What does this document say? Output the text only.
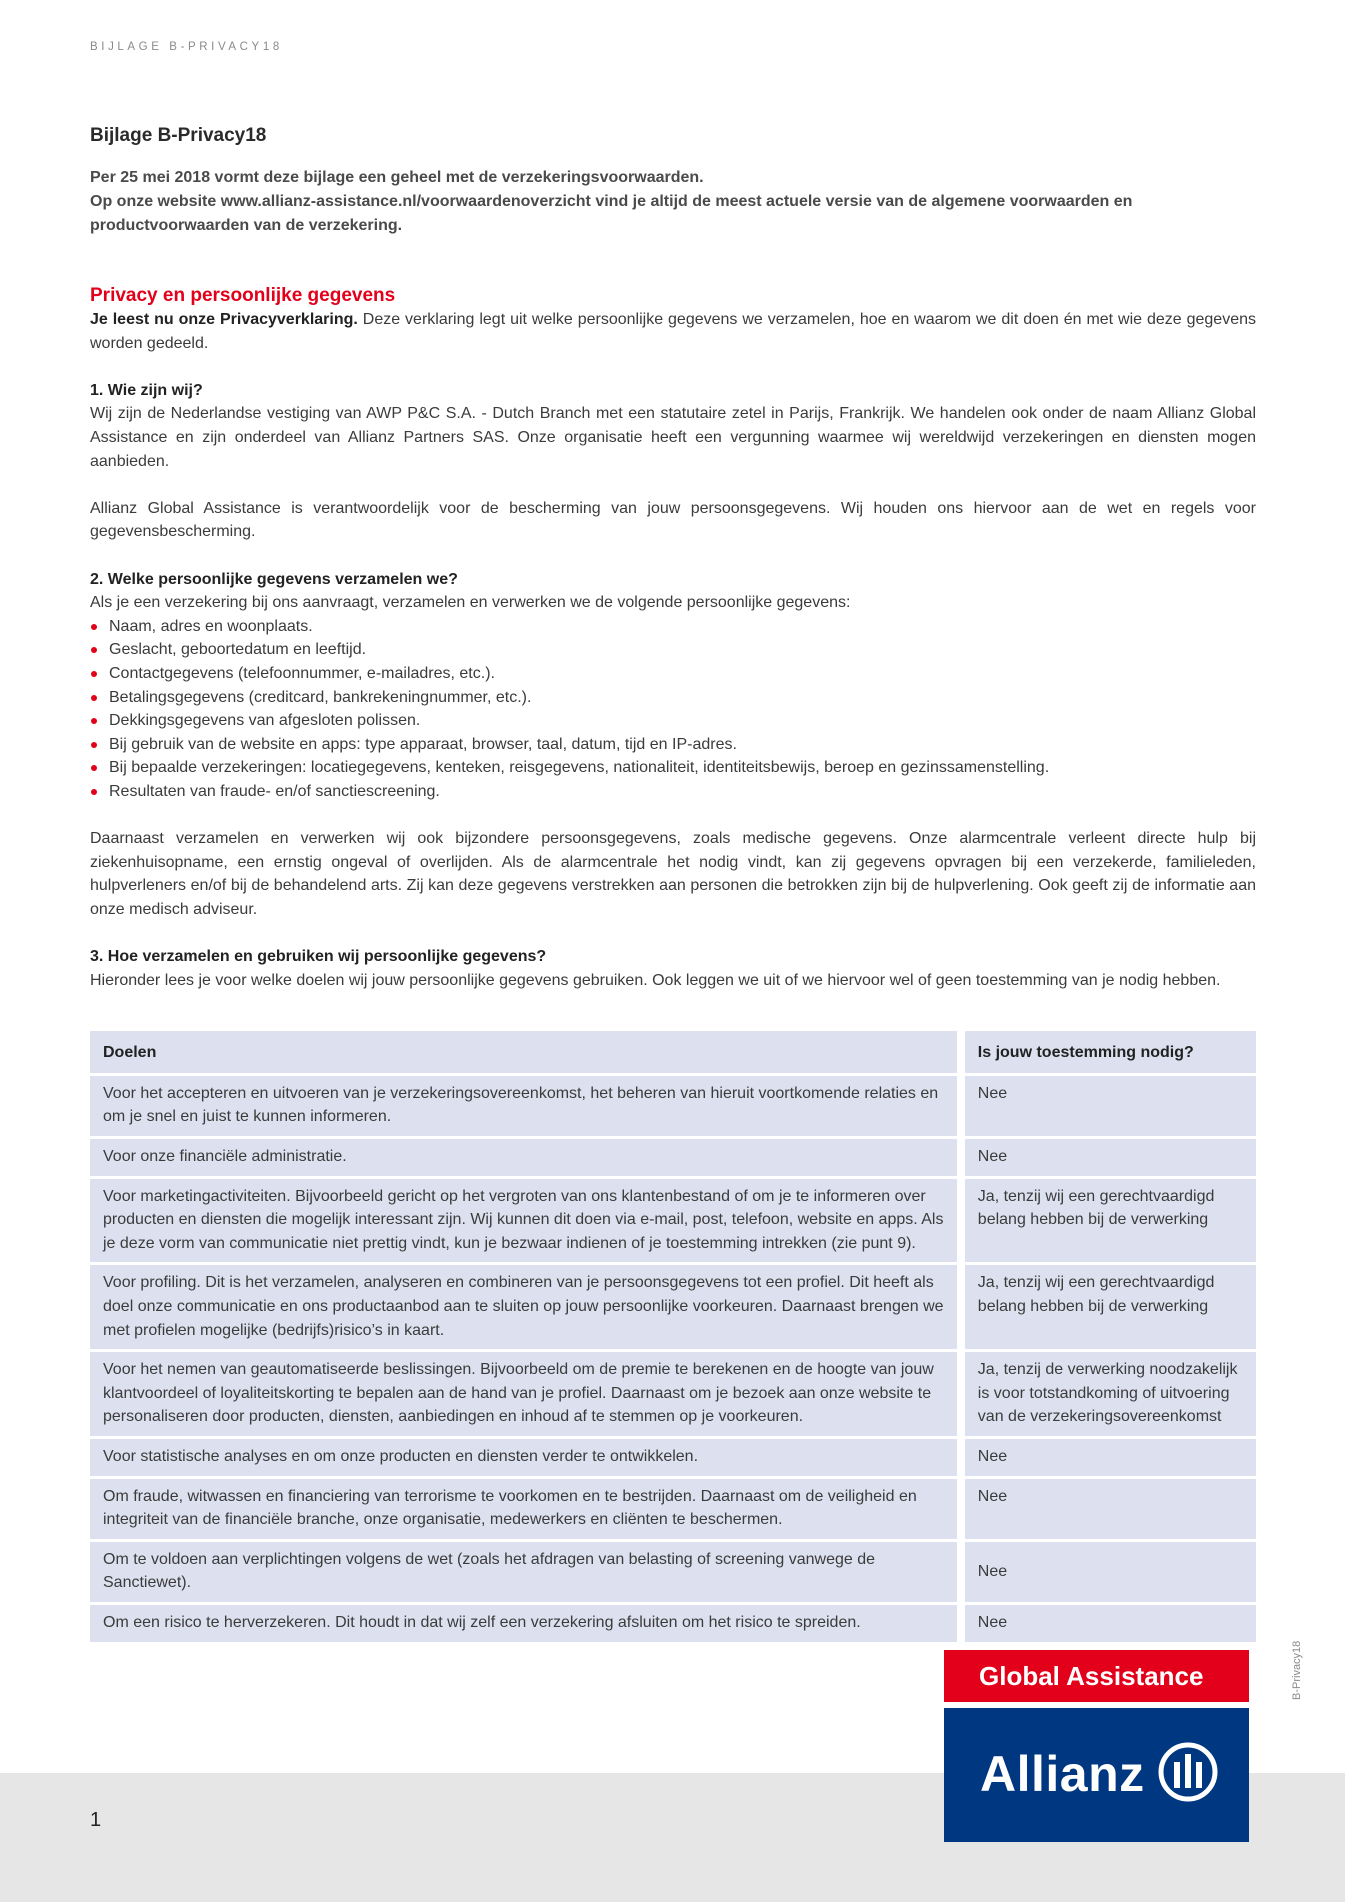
BIJLAGE B-PRIVACY18
Bijlage B-Privacy18
Per 25 mei 2018 vormt deze bijlage een geheel met de verzekeringsvoorwaarden.
Op onze website www.allianz-assistance.nl/voorwaardenoverzicht vind je altijd de meest actuele versie van de algemene voorwaarden en productvoorwaarden van de verzekering.
Privacy en persoonlijke gegevens

Je leest nu onze Privacyverklaring. Deze verklaring legt uit welke persoonlijke gegevens we verzamelen, hoe en waarom we dit doen én met wie deze gegevens worden gedeeld.

1. Wie zijn wij?

Wij zijn de Nederlandse vestiging van AWP P&C S.A. - Dutch Branch met een statutaire zetel in Parijs, Frankrijk. We handelen ook onder de naam Allianz Global Assistance en zijn onderdeel van Allianz Partners SAS. Onze organisatie heeft een vergunning waarmee wij wereldwijd verzekeringen en diensten mogen aanbieden.

Allianz Global Assistance is verantwoordelijk voor de bescherming van jouw persoonsgegevens. Wij houden ons hiervoor aan de wet en regels voor gegevensbescherming.

2. Welke persoonlijke gegevens verzamelen we?

Als je een verzekering bij ons aanvraagt, verzamelen en verwerken we de volgende persoonlijke gegevens:

Naam, adres en woonplaats.
Geslacht, geboortedatum en leeftijd.
Contactgegevens (telefoonnummer, e-mailadres, etc.).
Betalingsgegevens (creditcard, bankrekeningnummer, etc.).
Dekkingsgegevens van afgesloten polissen.
Bij gebruik van de website en apps: type apparaat, browser, taal, datum, tijd en IP-adres.
Bij bepaalde verzekeringen: locatiegegevens, kenteken, reisgegevens, nationaliteit, identiteitsbewijs, beroep en gezinssamenstelling.
Resultaten van fraude- en/of sanctiescreening.

Daarnaast verzamelen en verwerken wij ook bijzondere persoonsgegevens, zoals medische gegevens. Onze alarmcentrale verleent directe hulp bij ziekenhuisopname, een ernstig ongeval of overlijden. Als de alarmcentrale het nodig vindt, kan zij gegevens opvragen bij een verzekerde, familieleden, hulpverleners en/of bij de behandelend arts. Zij kan deze gegevens verstrekken aan personen die betrokken zijn bij de hulpverlening. Ook geeft zij de informatie aan onze medisch adviseur.

3. Hoe verzamelen en gebruiken wij persoonlijke gegevens?

Hieronder lees je voor welke doelen wij jouw persoonlijke gegevens gebruiken. Ook leggen we uit of we hiervoor wel of geen toestemming van je nodig hebben.

Doelen		Is jouw toestemming nodig?
Voor het accepteren en uitvoeren van je verzekeringsovereenkomst, het beheren van hieruit voortkomende relaties en om je snel en juist te kunnen informeren.		Nee
Voor onze financiële administratie.		Nee
Voor marketingactiviteiten. Bijvoorbeeld gericht op het vergroten van ons klantenbestand of om je te informeren over producten en diensten die mogelijk interessant zijn. Wij kunnen dit doen via e-mail, post, telefoon, website en apps. Als je deze vorm van communicatie niet prettig vindt, kun je bezwaar indienen of je toestemming intrekken (zie punt 9).		Ja, tenzij wij een gerechtvaardigd belang hebben bij de verwerking
Voor profiling. Dit is het verzamelen, analyseren en combineren van je persoonsgegevens tot een profiel. Dit heeft als doel onze communicatie en ons productaanbod aan te sluiten op jouw persoonlijke voorkeuren. Daarnaast brengen we met profielen mogelijke (bedrijfs)risico’s in kaart.		Ja, tenzij wij een gerechtvaardigd belang hebben bij de verwerking
Voor het nemen van geautomatiseerde beslissingen. Bijvoorbeeld om de premie te berekenen en de hoogte van jouw klantvoordeel of loyaliteitskorting te bepalen aan de hand van je profiel. Daarnaast om je bezoek aan onze website te personaliseren door producten, diensten, aanbiedingen en inhoud af te stemmen op je voorkeuren.		Ja, tenzij de verwerking noodzakelijk is voor totstandkoming of uitvoering van de verzekeringsovereenkomst
Voor statistische analyses en om onze producten en diensten verder te ontwikkelen.		Nee
Om fraude, witwassen en financiering van terrorisme te voorkomen en te bestrijden. Daarnaast om de veiligheid en integriteit van de financiële branche, onze organisatie, medewerkers en cliënten te beschermen.		Nee
Om te voldoen aan verplichtingen volgens de wet (zoals het afdragen van belasting of screening vanwege de Sanctiewet).		Nee
Om een risico te herverzekeren. Dit houdt in dat wij zelf een verzekering afsluiten om het risico te spreiden.		Nee
1
Global Assistance
Allianz
B-Privacy18
